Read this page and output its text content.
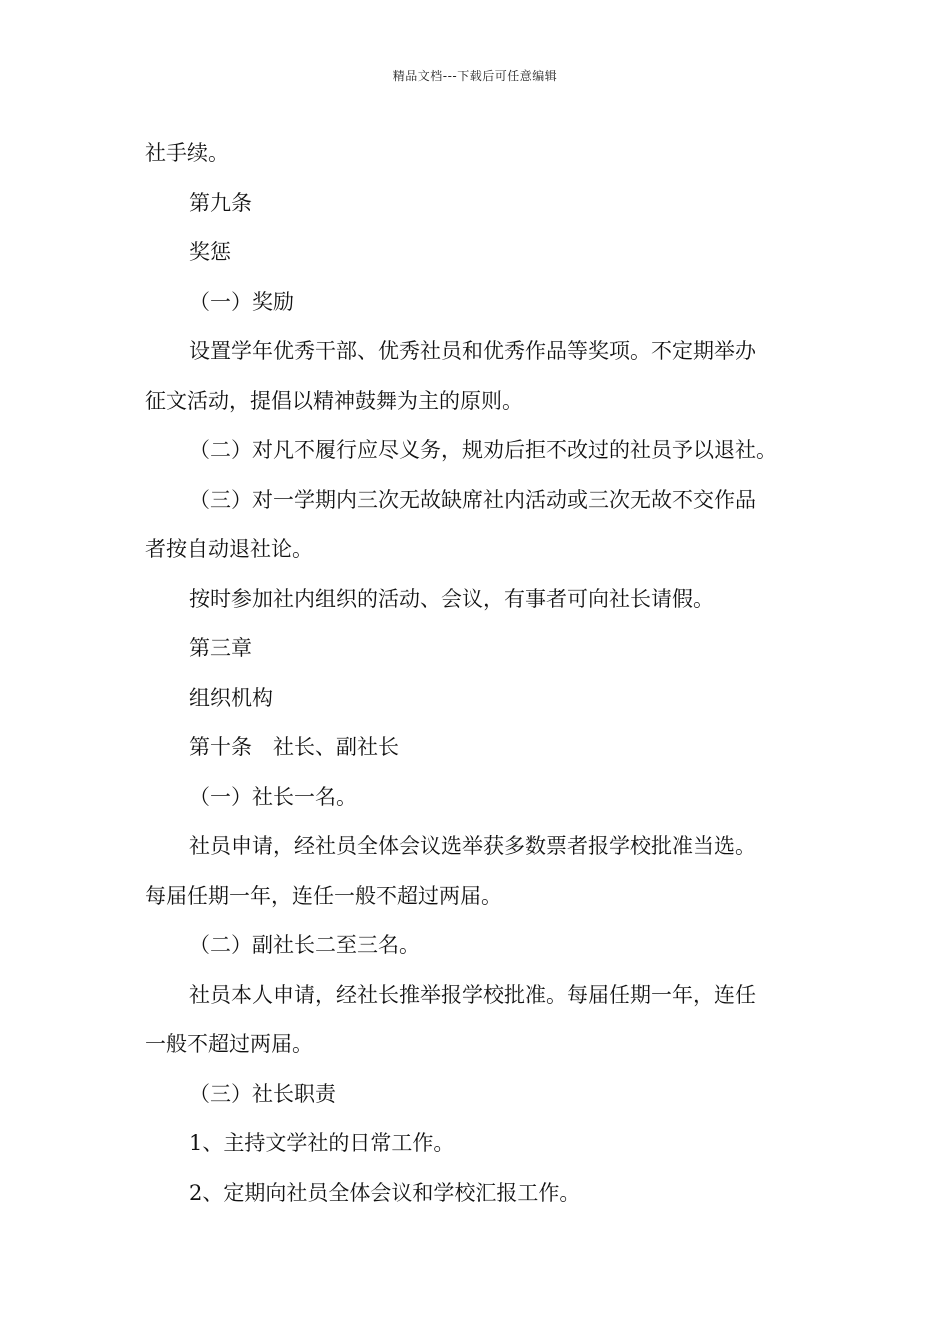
精品文档---下载后可任意编辑

社手续。

第九条

奖惩

（一）奖励

设置学年优秀干部、优秀社员和优秀作品等奖项。不定期举办

征文活动，提倡以精神鼓舞为主的原则。

（二）对凡不履行应尽义务，规劝后拒不改过的社员予以退社。

（三）对一学期内三次无故缺席社内活动或三次无故不交作品

者按自动退社论。

按时参加社内组织的活动、会议，有事者可向社长请假。

第三章

组织机构

第十条　社长、副社长

（一）社长一名。

社员申请，经社员全体会议选举获多数票者报学校批准当选。

每届任期一年，连任一般不超过两届。

（二）副社长二至三名。

社员本人申请，经社长推举报学校批准。每届任期一年，连任

一般不超过两届。

（三）社长职责

1、主持文学社的日常工作。

2、定期向社员全体会议和学校汇报工作。
